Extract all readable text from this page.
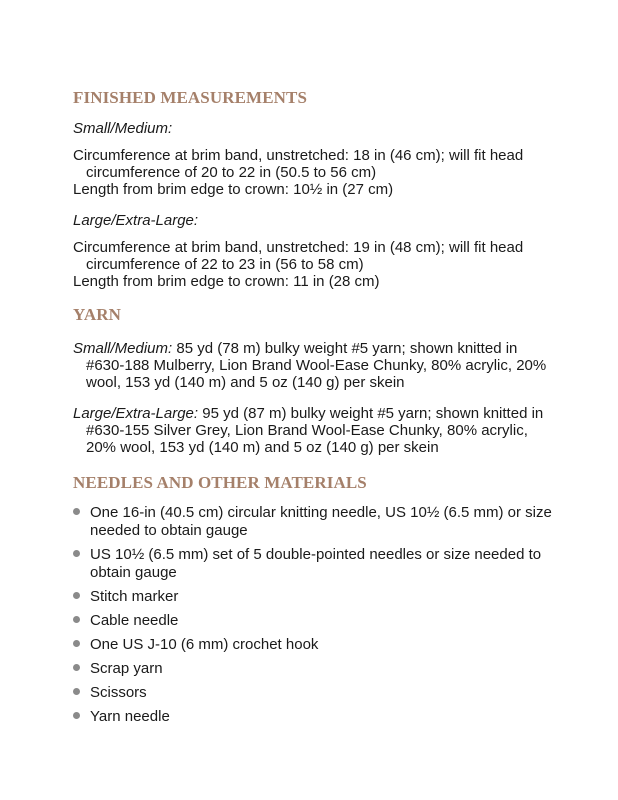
FINISHED MEASUREMENTS

Small/Medium:

Circumference at brim band, unstretched: 18 in (46 cm); will fit head circumference of 20 to 22 in (50.5 to 56 cm)

Length from brim edge to crown: 10½ in (27 cm)

Large/Extra-Large:

Circumference at brim band, unstretched: 19 in (48 cm); will fit head circumference of 22 to 23 in (56 to 58 cm)

Length from brim edge to crown: 11 in (28 cm)

YARN

Small/Medium: 85 yd (78 m) bulky weight #5 yarn; shown knitted in #630-188 Mulberry, Lion Brand Wool-Ease Chunky, 80% acrylic, 20% wool, 153 yd (140 m) and 5 oz (140 g) per skein

Large/Extra-Large: 95 yd (87 m) bulky weight #5 yarn; shown knitted in #630-155 Silver Grey, Lion Brand Wool-Ease Chunky, 80% acrylic, 20% wool, 153 yd (140 m) and 5 oz (140 g) per skein

NEEDLES AND OTHER MATERIALS
One 16-in (40.5 cm) circular knitting needle, US 10½ (6.5 mm) or size needed to obtain gauge
US 10½ (6.5 mm) set of 5 double-pointed needles or size needed to obtain gauge
Stitch marker
Cable needle
One US J-10 (6 mm) crochet hook
Scrap yarn
Scissors
Yarn needle
